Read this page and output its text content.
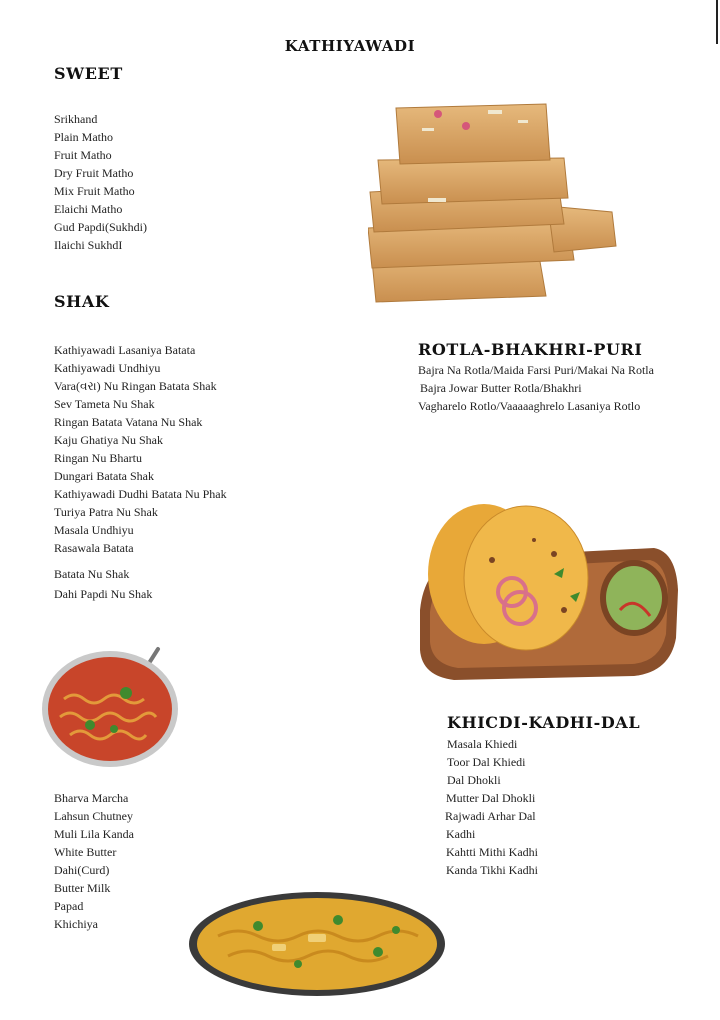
KATHIYAWADI
SWEET
Srikhand
Plain Matho
Fruit Matho
Dry Fruit Matho
Mix Fruit Matho
Elaichi Matho
Gud Papdi(Sukhdi)
Ilaichi SukhdI
SHAK
Kathiyawadi Lasaniya Batata
Kathiyawadi Undhiyu
Vara(વરા) Nu Ringan Batata Shak
Sev Tameta Nu Shak
Ringan Batata Vatana Nu Shak
Kaju Ghatiya Nu Shak
Ringan Nu Bhartu
Dungari Batata Shak
Kathiyawadi Dudhi Batata Nu Phak
Turiya Patra Nu Shak
Masala Undhiyu
Rasawala Batata
Batata Nu Shak
Dahi Papdi Nu Shak
ROTLA-BHAKHRI-PURI
Bajra Na Rotla/Maida Farsi Puri/Makai Na Rotla
Bajra Jowar Butter Rotla/Bhakhri
Vagharelo Rotlo/Vaaaaaghrelo Lasaniya Rotlo
KHICDI-KADHI-DAL
Masala Khiedi
Toor Dal Khiedi
Dal Dhokli
Mutter Dal Dhokli
Rajwadi Arhar Dal
Kadhi
Kahtti Mithi Kadhi
Kanda Tikhi Kadhi
Bharva Marcha
Lahsun Chutney
Muli Lila Kanda
White Butter
Dahi(Curd)
Butter Milk
Papad
Khichiya
